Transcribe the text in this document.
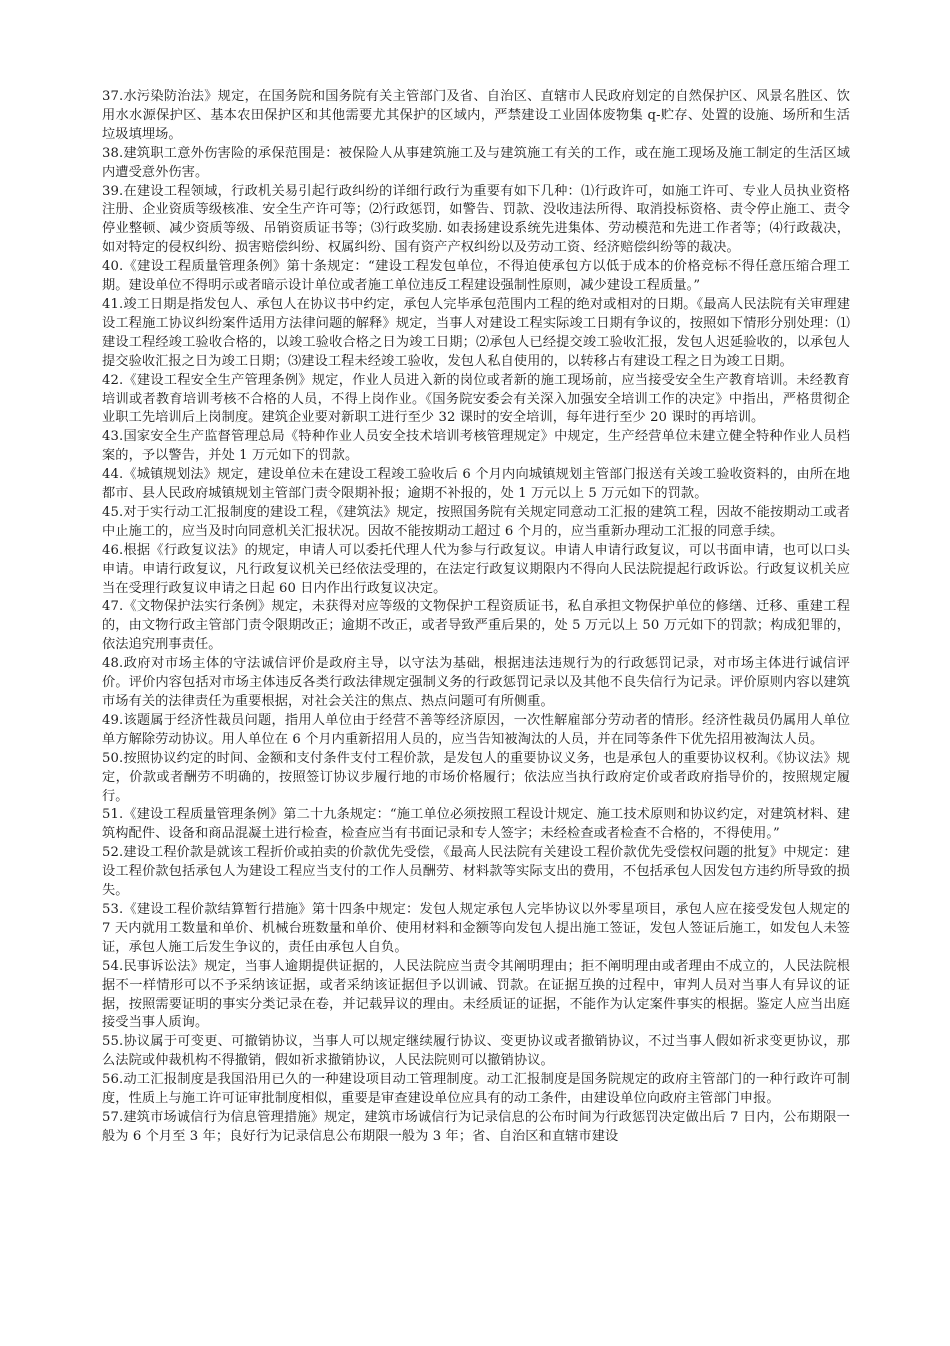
37.水污染防治法》规定，在国务院和国务院有关主管部门及省、自治区、直辖市人民政府划定的自然保护区、风景名胜区、饮用水水源保护区、基本农田保护区和其他需要尤其保护的区域内，严禁建设工业固体废物集 q-贮存、处置的设施、场所和生活垃圾填埋场。

38.建筑职工意外伤害险的承保范围是：被保险人从事建筑施工及与建筑施工有关的工作，或在施工现场及施工制定的生活区域内遭受意外伤害。

39.在建设工程领域，行政机关易引起行政纠纷的详细行政行为重要有如下几种：⑴行政许可，如施工许可、专业人员执业资格注册、企业资质等级核准、安全生产许可等；⑵行政惩罚，如警告、罚款、没收违法所得、取消投标资格、责令停止施工、责令停业整顿、减少资质等级、吊销资质证书等；⑶行政奖励. 如表扬建设系统先进集体、劳动模范和先进工作者等；⑷行政裁决，如对特定的侵权纠纷、损害赔偿纠纷、权属纠纷、国有资产产权纠纷以及劳动工资、经济赔偿纠纷等的裁决。

40.《建设工程质量管理条例》第十条规定：“建设工程发包单位，不得迫使承包方以低于成本的价格竞标不得任意压缩合理工期。建设单位不得明示或者暗示设计单位或者施工单位违反工程建设强制性原则，减少建设工程质量。”

41.竣工日期是指发包人、承包人在协议书中约定，承包人完毕承包范围内工程的绝对或相对的日期。《最高人民法院有关审理建设工程施工协议纠纷案件适用方法律问题的解释》规定，当事人对建设工程实际竣工日期有争议的，按照如下情形分别处理：⑴建设工程经竣工验收合格的，以竣工验收合格之日为竣工日期；⑵承包人已经提交竣工验收汇报，发包人迟延验收的，以承包人提交验收汇报之日为竣工日期；⑶建设工程未经竣工验收，发包人私自使用的，以转移占有建设工程之日为竣工日期。

42.《建设工程安全生产管理条例》规定，作业人员进入新的岗位或者新的施工现场前，应当接受安全生产教育培训。未经教育培训或者教育培训考核不合格的人员，不得上岗作业。《国务院安委会有关深入加强安全培训工作的决定》中指出，严格贯彻企业职工先培训后上岗制度。建筑企业要对新职工进行至少 32 课时的安全培训，每年进行至少 20 课时的再培训。

43.国家安全生产监督管理总局《特种作业人员安全技术培训考核管理规定》中规定，生产经营单位未建立健全特种作业人员档案的，予以警告，并处 1 万元如下的罚款。

44.《城镇规划法》规定，建设单位未在建设工程竣工验收后 6 个月内向城镇规划主管部门报送有关竣工验收资料的，由所在地都市、县人民政府城镇规划主管部门责令限期补报；逾期不补报的，处 1 万元以上 5 万元如下的罚款。

45.对于实行动工汇报制度的建设工程，《建筑法》规定，按照国务院有关规定同意动工汇报的建筑工程，因故不能按期动工或者中止施工的，应当及时向同意机关汇报状况。因故不能按期动工超过 6 个月的，应当重新办理动工汇报的同意手续。

46.根据《行政复议法》的规定，申请人可以委托代理人代为参与行政复议。申请人申请行政复议，可以书面申请，也可以口头申请。申请行政复议，凡行政复议机关已经依法受理的，在法定行政复议期限内不得向人民法院提起行政诉讼。行政复议机关应当在受理行政复议申请之日起 60 日内作出行政复议决定。

47.《文物保护法实行条例》规定，未获得对应等级的文物保护工程资质证书，私自承担文物保护单位的修缮、迁移、重建工程的，由文物行政主管部门责令限期改正；逾期不改正，或者导致严重后果的，处 5 万元以上 50 万元如下的罚款；构成犯罪的，依法追究刑事责任。

48.政府对市场主体的守法诚信评价是政府主导，以守法为基础，根据违法违规行为的行政惩罚记录，对市场主体进行诚信评价。评价内容包括对市场主体违反各类行政法律规定强制义务的行政惩罚记录以及其他不良失信行为记录。评价原则内容以建筑市场有关的法律责任为重要根据，对社会关注的焦点、热点问题可有所侧重。

49.该题属于经济性裁员问题，指用人单位由于经营不善等经济原因，一次性解雇部分劳动者的情形。经济性裁员仍属用人单位单方解除劳动协议。用人单位在 6 个月内重新招用人员的，应当告知被淘汰的人员，并在同等条件下优先招用被淘汰人员。

50.按照协议约定的时间、金额和支付条件支付工程价款，是发包人的重要协议义务，也是承包人的重要协议权利。《协议法》规定，价款或者酬劳不明确的，按照签订协议步履行地的市场价格履行；依法应当执行政府定价或者政府指导价的，按照规定履行。

51.《建设工程质量管理条例》第二十九条规定：“施工单位必须按照工程设计规定、施工技术原则和协议约定，对建筑材料、建筑构配件、设备和商品混凝土进行检查，检查应当有书面记录和专人签字；未经检查或者检查不合格的，不得使用。”

52.建设工程价款是就该工程折价或拍卖的价款优先受偿，《最高人民法院有关建设工程价款优先受偿权问题的批复》中规定：建设工程价款包括承包人为建设工程应当支付的工作人员酬劳、材料款等实际支出的费用，不包括承包人因发包方违约所导致的损失。

53.《建设工程价款结算暂行措施》第十四条中规定：发包人规定承包人完毕协议以外零星项目，承包人应在接受发包人规定的 7 天内就用工数量和单价、机械台班数量和单价、使用材料和金额等向发包人提出施工签证，发包人签证后施工，如发包人未签证，承包人施工后发生争议的，责任由承包人自负。

54.民事诉讼法》规定，当事人逾期提供证据的，人民法院应当责令其阐明理由；拒不阐明理由或者理由不成立的，人民法院根据不一样情形可以不予采纳该证据，或者采纳该证据但予以训诫、罚款。在证据互换的过程中，审判人员对当事人有异议的证据，按照需要证明的事实分类记录在卷，并记载异议的理由。未经质证的证据，不能作为认定案件事实的根据。鉴定人应当出庭接受当事人质询。

55.协议属于可变更、可撤销协议，当事人可以规定继续履行协议、变更协议或者撤销协议，不过当事人假如祈求变更协议，那么法院或仲裁机构不得撤销，假如祈求撤销协议，人民法院则可以撤销协议。

56.动工汇报制度是我国沿用已久的一种建设项目动工管理制度。动工汇报制度是国务院规定的政府主管部门的一种行政许可制度，性质上与施工许可证审批制度相似，重要是审查建设单位应具有的动工条件，由建设单位向政府主管部门申报。

57.建筑市场诚信行为信息管理措施》规定，建筑市场诚信行为记录信息的公布时间为行政惩罚决定做出后 7 日内，公布期限一般为 6 个月至 3 年；良好行为记录信息公布期限一般为 3 年；省、自治区和直辖市建设
